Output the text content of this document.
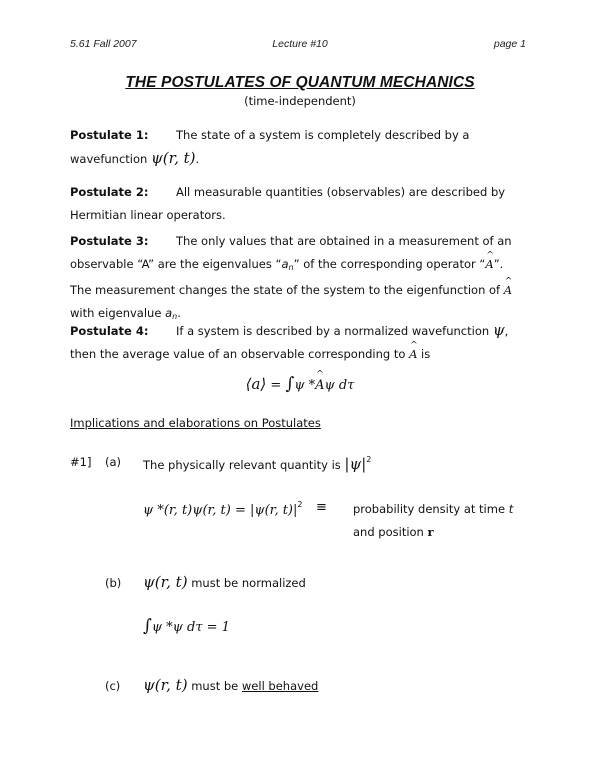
5.61 Fall 2007	Lecture #10	page 1
THE POSTULATES OF QUANTUM MECHANICS
(time-independent)
Postulate 1: The state of a system is completely described by a wavefunction ψ(r, t).
Postulate 2: All measurable quantities (observables) are described by Hermitian linear operators.
Postulate 3: The only values that are obtained in a measurement of an observable “A” are the eigenvalues “$a_n$” of the corresponding operator “^ A”. The measurement changes the state of the system to the eigenfunction of ^ A with eigenvalue $a_n$.
Postulate 4: If a system is described by a normalized wavefunction ψ, then the average value of an observable corresponding to ^ A is
⟨a⟩ = ∫ψ *^ Aψ dτ
Implications and elaborations on Postulates
#1] (a) The physically relevant quantity is $|\psi|^2$
ψ *(r, t)ψ(r, t) = |ψ(r, $t)|^2$ ≡ probability density at time t
and position r
(b) ψ(r, t) must be normalized
∫ψ *ψ dτ = 1
(c) ψ(r, t) must be well behaved
